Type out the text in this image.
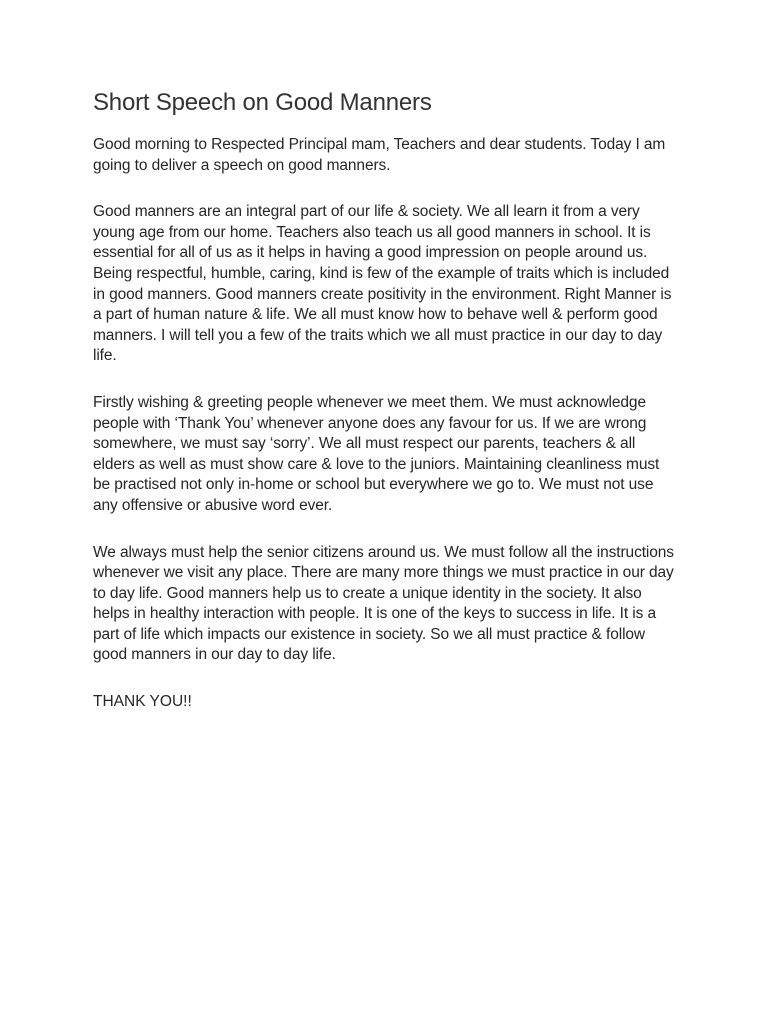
Short Speech on Good Manners

Good morning to Respected Principal mam, Teachers and dear students. Today I am going to deliver a speech on good manners.

Good manners are an integral part of our life & society. We all learn it from a very young age from our home. Teachers also teach us all good manners in school. It is essential for all of us as it helps in having a good impression on people around us. Being respectful, humble, caring, kind is few of the example of traits which is included in good manners. Good manners create positivity in the environment. Right Manner is a part of human nature & life. We all must know how to behave well & perform good manners. I will tell you a few of the traits which we all must practice in our day to day life.

Firstly wishing & greeting people whenever we meet them. We must acknowledge people with ‘Thank You’ whenever anyone does any favour for us. If we are wrong somewhere, we must say ‘sorry’. We all must respect our parents, teachers & all elders as well as must show care & love to the juniors. Maintaining cleanliness must be practised not only in-home or school but everywhere we go to. We must not use any offensive or abusive word ever.

We always must help the senior citizens around us. We must follow all the instructions whenever we visit any place. There are many more things we must practice in our day to day life. Good manners help us to create a unique identity in the society. It also helps in healthy interaction with people. It is one of the keys to success in life. It is a part of life which impacts our existence in society. So we all must practice & follow good manners in our day to day life.

THANK YOU!!
